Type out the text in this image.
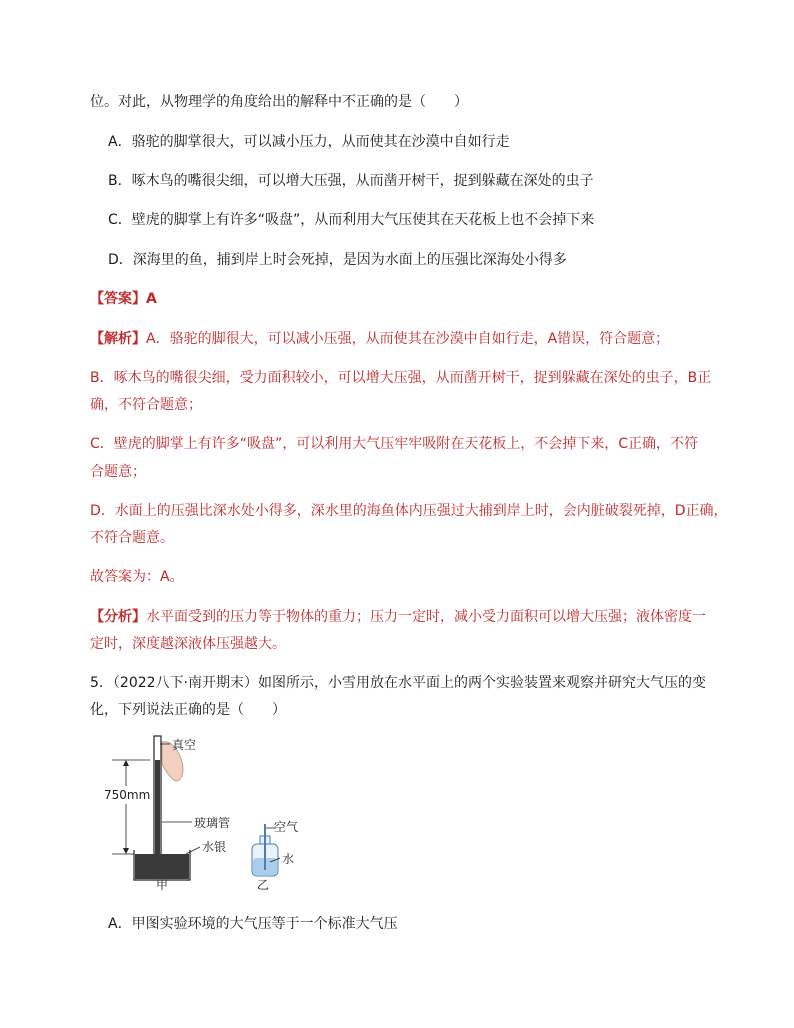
位。对此，从物理学的角度给出的解释中不正确的是（　　）
A．骆驼的脚掌很大，可以减小压力，从而使其在沙漠中自如行走
B．啄木鸟的嘴很尖细，可以增大压强，从而凿开树干，捉到躲藏在深处的虫子
C．壁虎的脚掌上有许多“吸盘”，从而利用大气压使其在天花板上也不会掉下来
D．深海里的鱼，捕到岸上时会死掉，是因为水面上的压强比深海处小得多
【答案】A
【解析】A．骆驼的脚很大，可以减小压强，从而使其在沙漠中自如行走，A错误，符合题意；
B．啄木鸟的嘴很尖细，受力面积较小，可以增大压强，从而凿开树干，捉到躲藏在深处的虫子，B正
确，不符合题意；
C．壁虎的脚掌上有许多“吸盘”，可以利用大气压牢牢吸附在天花板上，不会掉下来，C正确，不符
合题意；
D．水面上的压强比深水处小得多，深水里的海鱼体内压强过大捕到岸上时，会内脏破裂死掉，D正确，
不符合题意。
故答案为：A。
【分析】水平面受到的压力等于物体的重力；压力一定时，减小受力面积可以增大压强；液体密度一
定时，深度越深液体压强越大。
5．（2022八下·南开期末）如图所示，小雪用放在水平面上的两个实验装置来观察并研究大气压的变
化，下列说法正确的是（　　）
真空
750mm
玻璃管
水银
空气
水
甲	乙
A．甲图实验环境的大气压等于一个标准大气压
